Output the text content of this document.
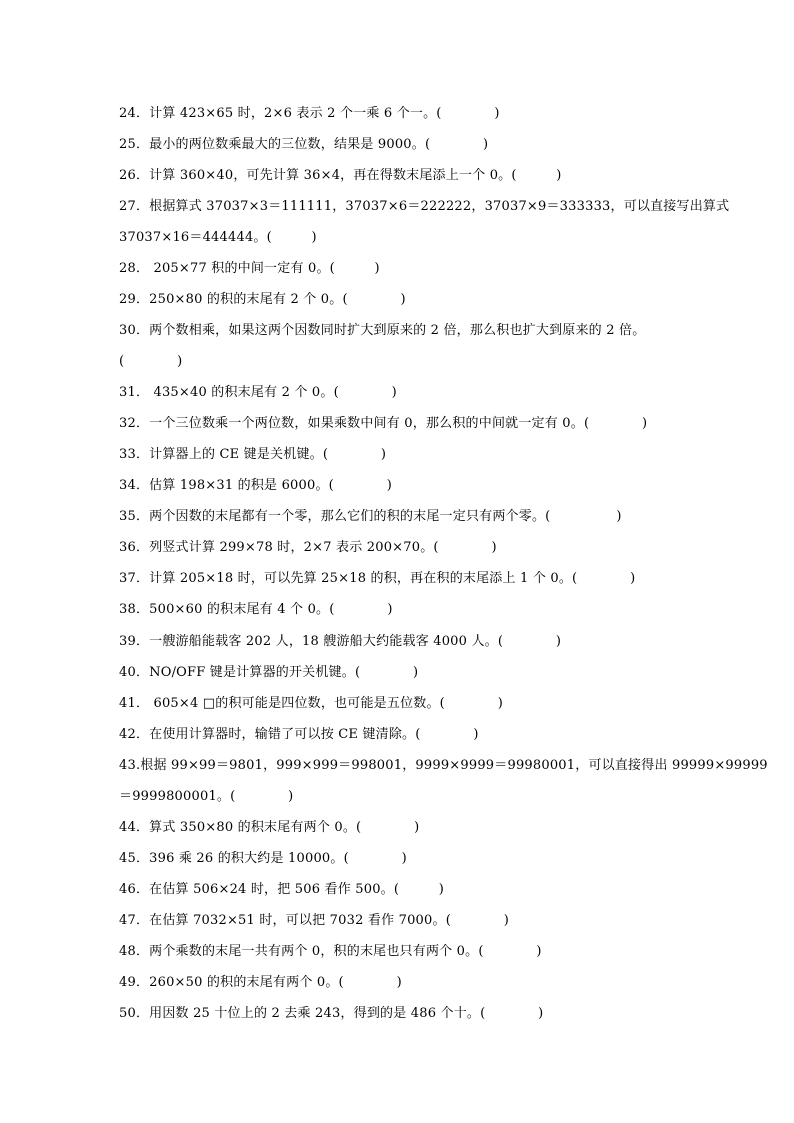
24．计算 423×65 时，2×6 表示 2 个一乘 6 个一。(　　　　)
25．最小的两位数乘最大的三位数，结果是 9000。(　　　　)
26．计算 360×40，可先计算 36×4，再在得数末尾添上一个 0。(　　　)
27．根据算式 37037×3＝111111，37037×6＝222222，37037×9＝333333，可以直接写出算式
37037×16＝444444。(　　　)
28． 205×77 积的中间一定有 0。(　　　)
29．250×80 的积的末尾有 2 个 0。(　　　　)
30．两个数相乘，如果这两个因数同时扩大到原来的 2 倍，那么积也扩大到原来的 2 倍。
(　　　　)
31． 435×40 的积末尾有 2 个 0。(　　　　)
32．一个三位数乘一个两位数，如果乘数中间有 0，那么积的中间就一定有 0。(　　　　)
33．计算器上的 CE 键是关机键。(　　　　)
34．估算 198×31 的积是 6000。(　　　　)
35．两个因数的末尾都有一个零，那么它们的积的末尾一定只有两个零。(　　　　　)
36．列竖式计算 299×78 时，2×7 表示 200×70。(　　　　)
37．计算 205×18 时，可以先算 25×18 的积，再在积的末尾添上 1 个 0。(　　　　)
38．500×60 的积末尾有 4 个 0。(　　　　)
39．一艘游船能载客 202 人，18 艘游船大约能载客 4000 人。(　　　　)
40．NO/OFF 键是计算器的开关机键。(　　　　)
41． 605×4 □的积可能是四位数，也可能是五位数。(　　　　)
42．在使用计算器时，输错了可以按 CE 键清除。(　　　　)
43.根据 99×99＝9801，999×999＝998001，9999×9999＝99980001，可以直接得出 99999×99999
＝9999800001。(　　　　)
44．算式 350×80 的积末尾有两个 0。(　　　　)
45．396 乘 26 的积大约是 10000。(　　　　)
46．在估算 506×24 时，把 506 看作 500。(　　　)
47．在估算 7032×51 时，可以把 7032 看作 7000。(　　　　)
48．两个乘数的末尾一共有两个 0，积的末尾也只有两个 0。(　　　　)
49．260×50 的积的末尾有两个 0。(　　　　)
50．用因数 25 十位上的 2 去乘 243，得到的是 486 个十。(　　　　)
